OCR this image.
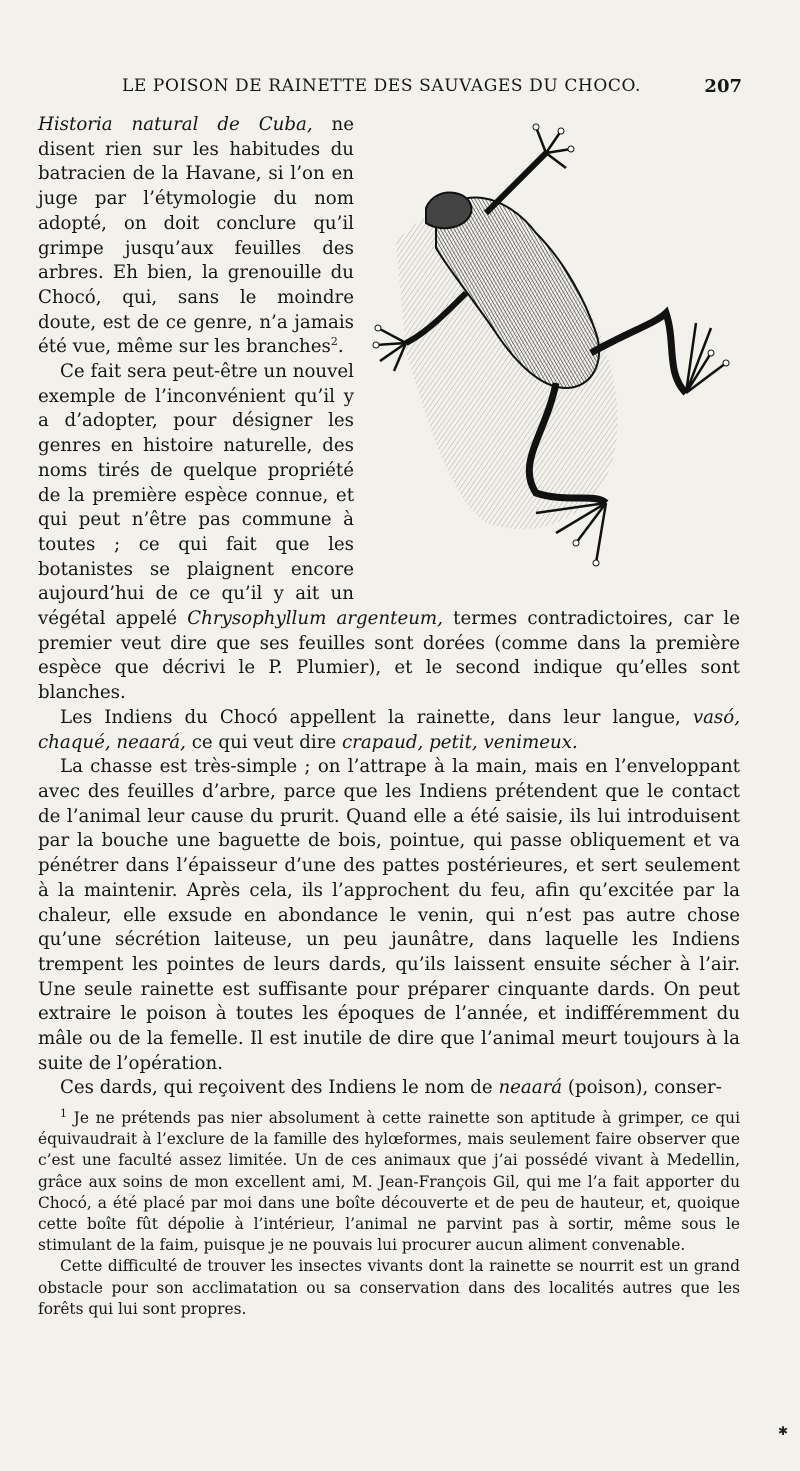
LE POISON DE RAINETTE DES SAUVAGES DU CHOCO.	207

Historia natural de Cuba, ne disent rien sur les habitudes du batracien de la Havane, si l’on en juge par l’étymologie du nom adopté, on doit conclure qu’il grimpe jusqu’aux feuilles des arbres. Eh bien, la grenouille du Chocó, qui, sans le moindre doute, est de ce genre, n’a jamais été vue, même sur les branches$^2$.

Ce fait sera peut-être un nouvel exemple de l’inconvénient qu’il y a d’adopter, pour désigner les genres en histoire naturelle, des noms tirés de quelque propriété de la première espèce connue, et qui peut n’être pas commune à toutes ; ce qui fait que les botanistes se plaignent encore aujourd’hui de ce qu’il y ait un végétal appelé Chrysophyllum argenteum, termes contradictoires, car le premier veut dire que ses feuilles sont dorées (comme dans la première espèce que décrivi le P. Plumier), et le second indique qu’elles sont blanches.

Les Indiens du Chocó appellent la rainette, dans leur langue, vasó, chaqué, neaará, ce qui veut dire crapaud, petit, venimeux.

La chasse est très-simple ; on l’attrape à la main, mais en l’enveloppant avec des feuilles d’arbre, parce que les Indiens prétendent que le contact de l’animal leur cause du prurit. Quand elle a été saisie, ils lui introduisent par la bouche une baguette de bois, pointue, qui passe obliquement et va pénétrer dans l’épaisseur d’une des pattes postérieures, et sert seulement à la maintenir. Après cela, ils l’approchent du feu, afin qu’excitée par la chaleur, elle exsude en abondance le venin, qui n’est pas autre chose qu’une sécrétion laiteuse, un peu jaunâtre, dans laquelle les Indiens trempent les pointes de leurs dards, qu’ils laissent ensuite sécher à l’air. Une seule rainette est suffisante pour préparer cinquante dards. On peut extraire le poison à toutes les époques de l’année, et indifféremment du mâle ou de la femelle. Il est inutile de dire que l’animal meurt toujours à la suite de l’opération.

Ces dards, qui reçoivent des Indiens le nom de neaará (poison), conser-

$^1$ Je ne prétends pas nier absolument à cette rainette son aptitude à grimper, ce qui équivaudrait à l’exclure de la famille des hylœformes, mais seulement faire observer que c’est une faculté assez limitée. Un de ces animaux que j’ai possédé vivant à Medellin, grâce aux soins de mon excellent ami, M. Jean-François Gil, qui me l’a fait apporter du Chocó, a été placé par moi dans une boîte découverte et de peu de hauteur, et, quoique cette boîte fût dépolie à l’intérieur, l’animal ne parvint pas à sortir, même sous le stimulant de la faim, puisque je ne pouvais lui procurer aucun aliment convenable.

Cette difficulté de trouver les insectes vivants dont la rainette se nourrit est un grand obstacle pour son acclimatation ou sa conservation dans des localités autres que les forêts qui lui sont propres.

✱
